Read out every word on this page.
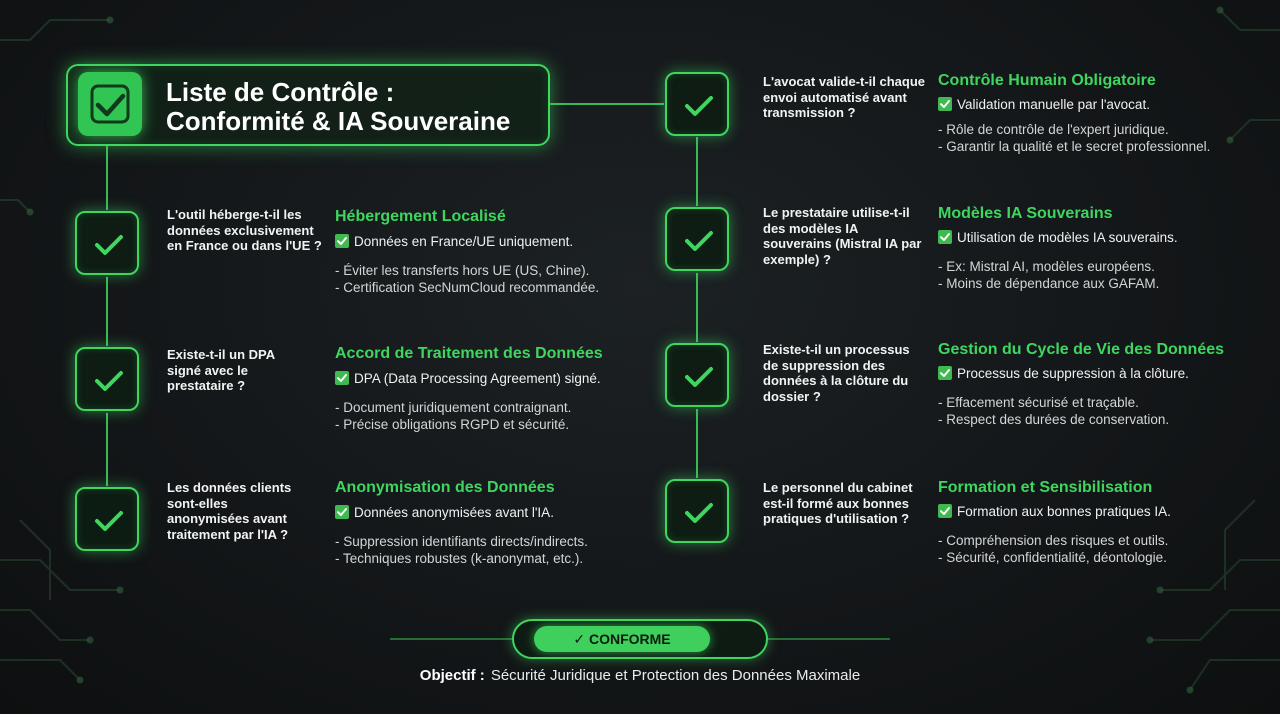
Liste de Contrôle :
Conformité & IA Souveraine

L'outil héberge-t-il les données exclusivement en France ou dans l'UE ?

Hébergement Localisé

Données en France/UE uniquement.
- Éviter les transferts hors UE (US, Chine).
- Certification SecNumCloud recommandée.

Existe-t-il un DPA signé avec le prestataire ?

Accord de Traitement des Données

DPA (Data Processing Agreement) signé.
- Document juridiquement contraignant.
- Précise obligations RGPD et sécurité.

Les données clients sont-elles anonymisées avant traitement par l'IA ?

Anonymisation des Données

Données anonymisées avant l'IA.
- Suppression identifiants directs/indirects.
- Techniques robustes (k-anonymat, etc.).

L'avocat valide-t-il chaque envoi automatisé avant transmission ?

Contrôle Humain Obligatoire

Validation manuelle par l'avocat.
- Rôle de contrôle de l'expert juridique.
- Garantir la qualité et le secret professionnel.

Le prestataire utilise-t-il des modèles IA souverains (Mistral IA par exemple) ?

Modèles IA Souverains

Utilisation de modèles IA souverains.
- Ex: Mistral AI, modèles européens.
- Moins de dépendance aux GAFAM.

Existe-t-il un processus de suppression des données à la clôture du dossier ?

Gestion du Cycle de Vie des Données

Processus de suppression à la clôture.
- Effacement sécurisé et traçable.
- Respect des durées de conservation.

Le personnel du cabinet est-il formé aux bonnes pratiques d'utilisation ?

Formation et Sensibilisation

Formation aux bonnes pratiques IA.
- Compréhension des risques et outils.
- Sécurité, confidentialité, déontologie.
✓ CONFORME
Objectif : Sécurité Juridique et Protection des Données Maximale
